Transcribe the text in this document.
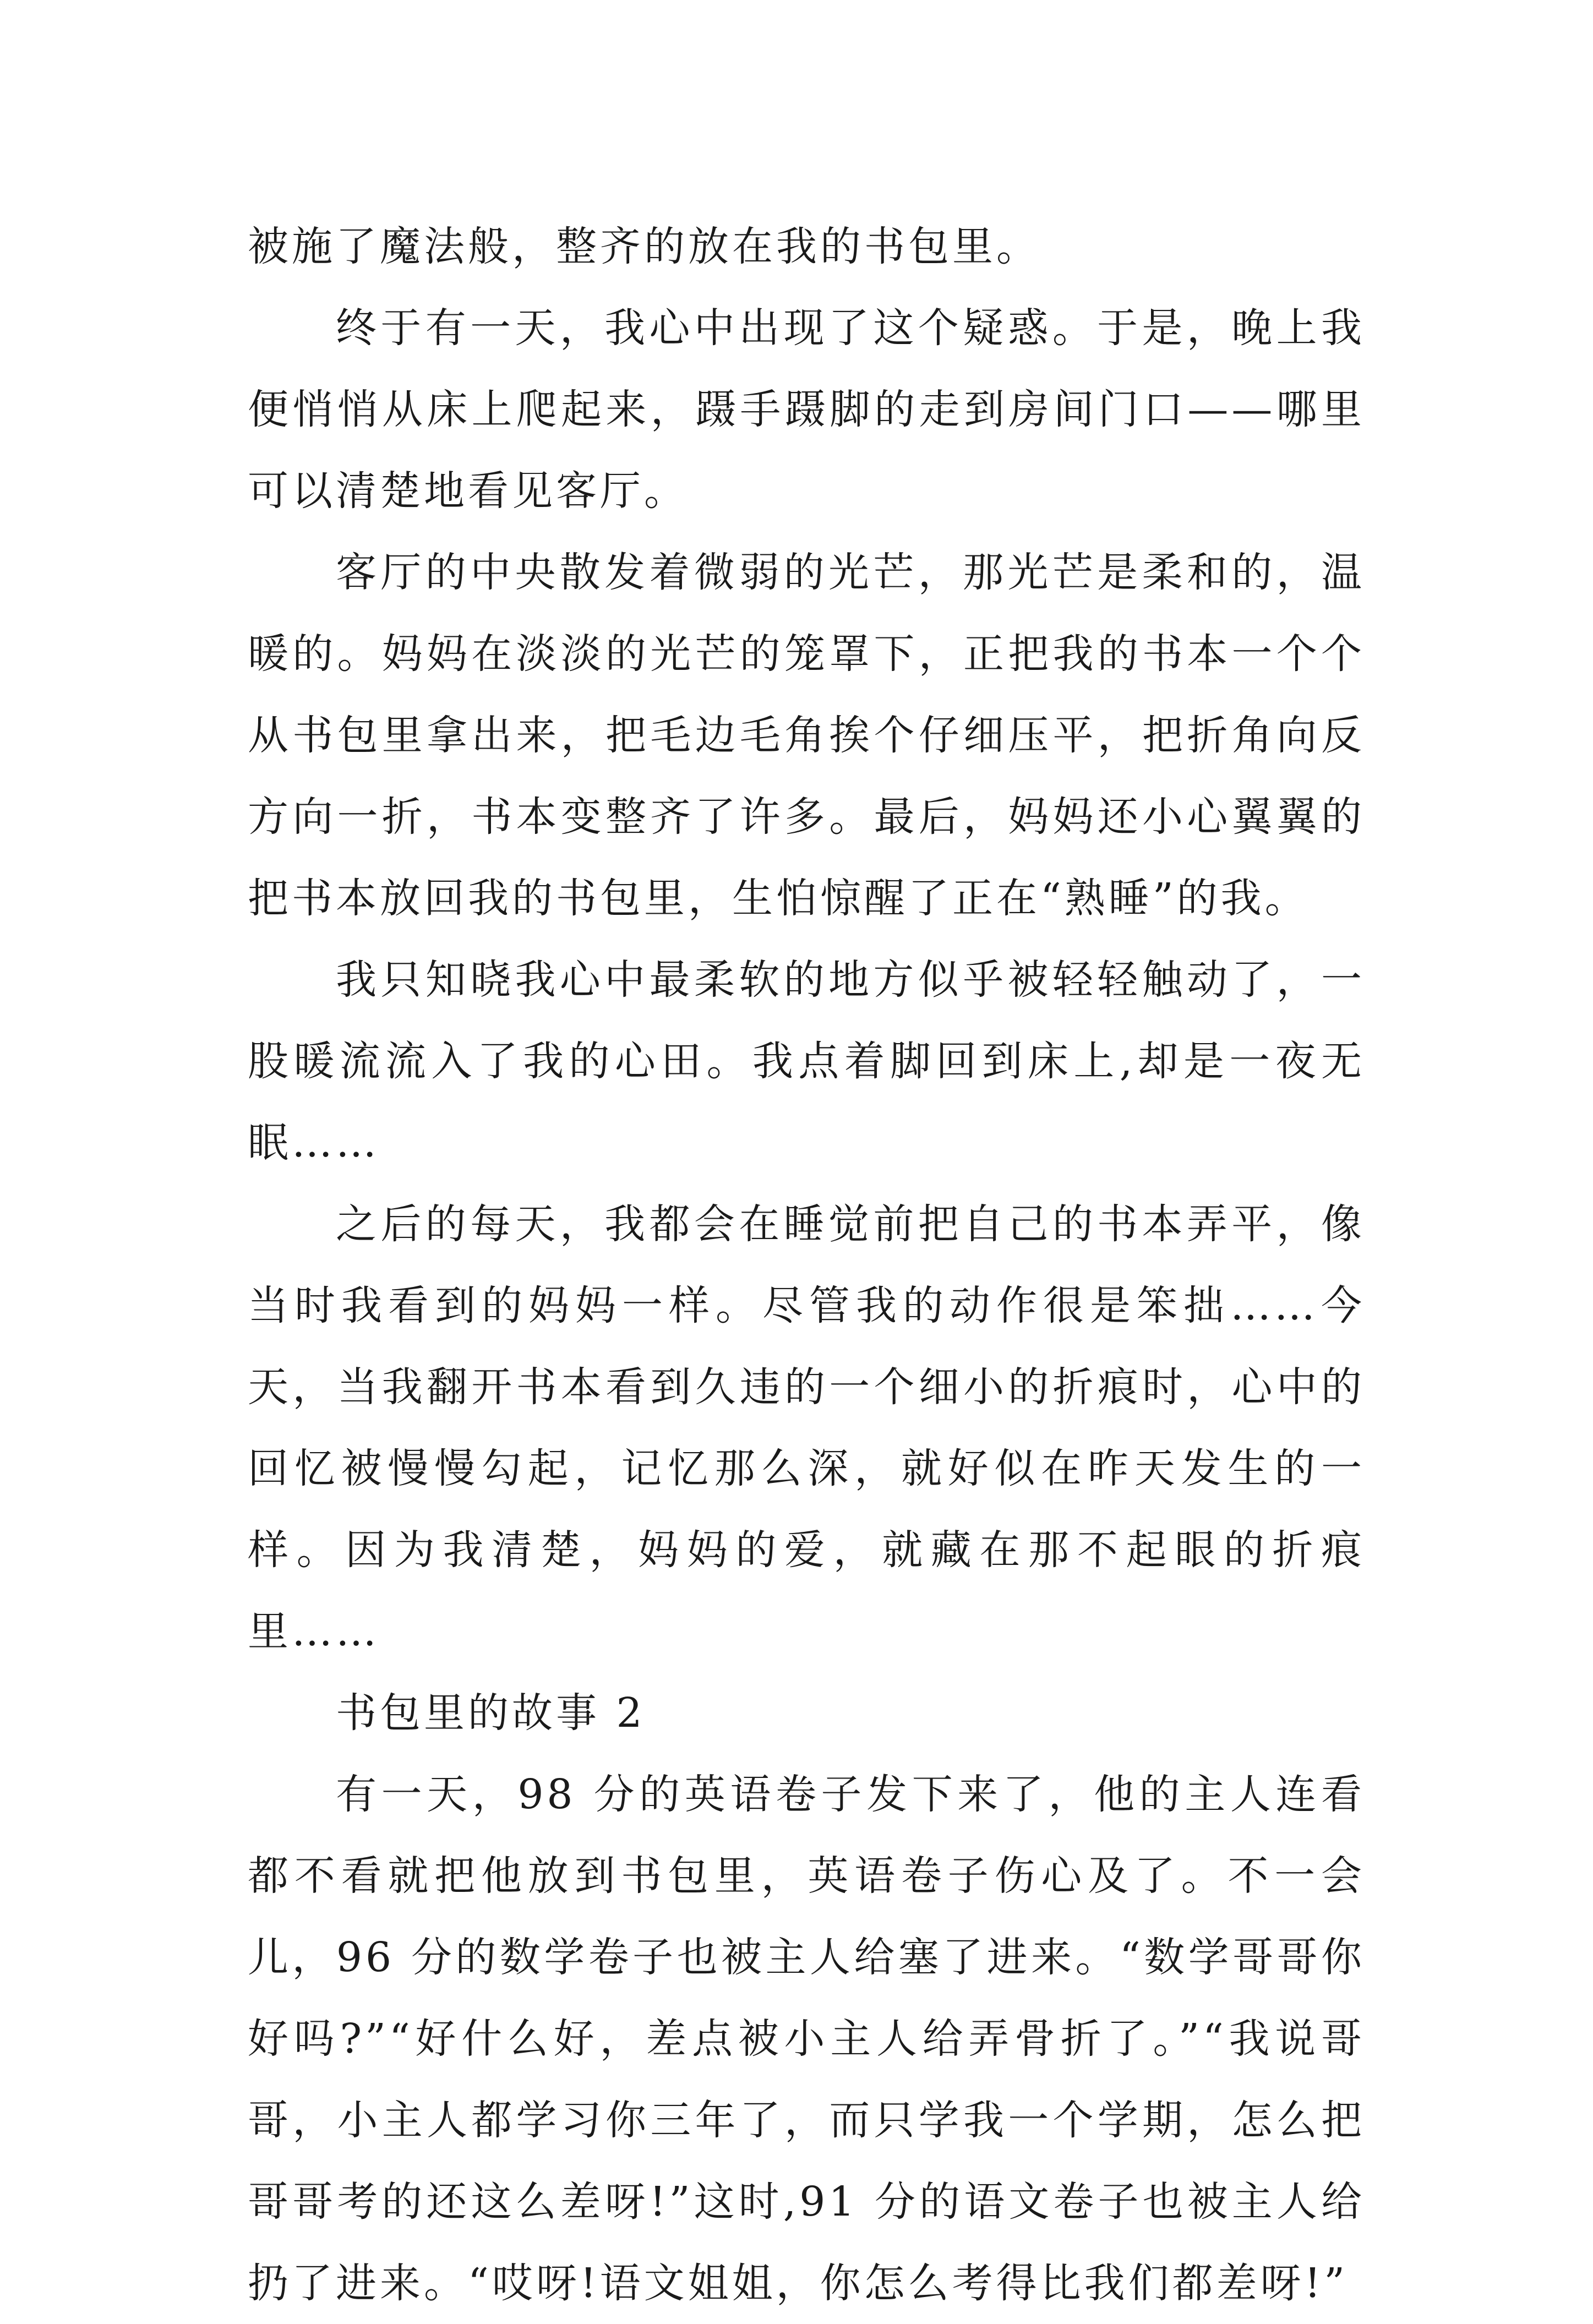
被施了魔法般，整齐的放在我的书包里。

终于有一天，我心中出现了这个疑惑。于是，晚上我便悄悄从床上爬起来，蹑手蹑脚的走到房间门口——哪里可以清楚地看见客厅。

客厅的中央散发着微弱的光芒，那光芒是柔和的，温暖的。妈妈在淡淡的光芒的笼罩下，正把我的书本一个个从书包里拿出来，把毛边毛角挨个仔细压平，把折角向反方向一折，书本变整齐了许多。最后，妈妈还小心翼翼的把书本放回我的书包里，生怕惊醒了正在“熟睡”的我。

我只知晓我心中最柔软的地方似乎被轻轻触动了，一股暖流流入了我的心田。我点着脚回到床上,却是一夜无眠……

之后的每天，我都会在睡觉前把自己的书本弄平，像当时我看到的妈妈一样。尽管我的动作很是笨拙……今天，当我翻开书本看到久违的一个细小的折痕时，心中的回忆被慢慢勾起，记忆那么深，就好似在昨天发生的一样。因为我清楚，妈妈的爱，就藏在那不起眼的折痕里……

书包里的故事 2

有一天，98 分的英语卷子发下来了，他的主人连看都不看就把他放到书包里，英语卷子伤心及了。不一会儿，96 分的数学卷子也被主人给塞了进来。“数学哥哥你好吗?”“好什么好，差点被小主人给弄骨折了。”“我说哥哥，小主人都学习你三年了，而只学我一个学期，怎么把哥哥考的还这么差呀!”这时,91 分的语文卷子也被主人给扔了进来。“哎呀!语文姐姐，你怎么考得比我们都差呀!”
